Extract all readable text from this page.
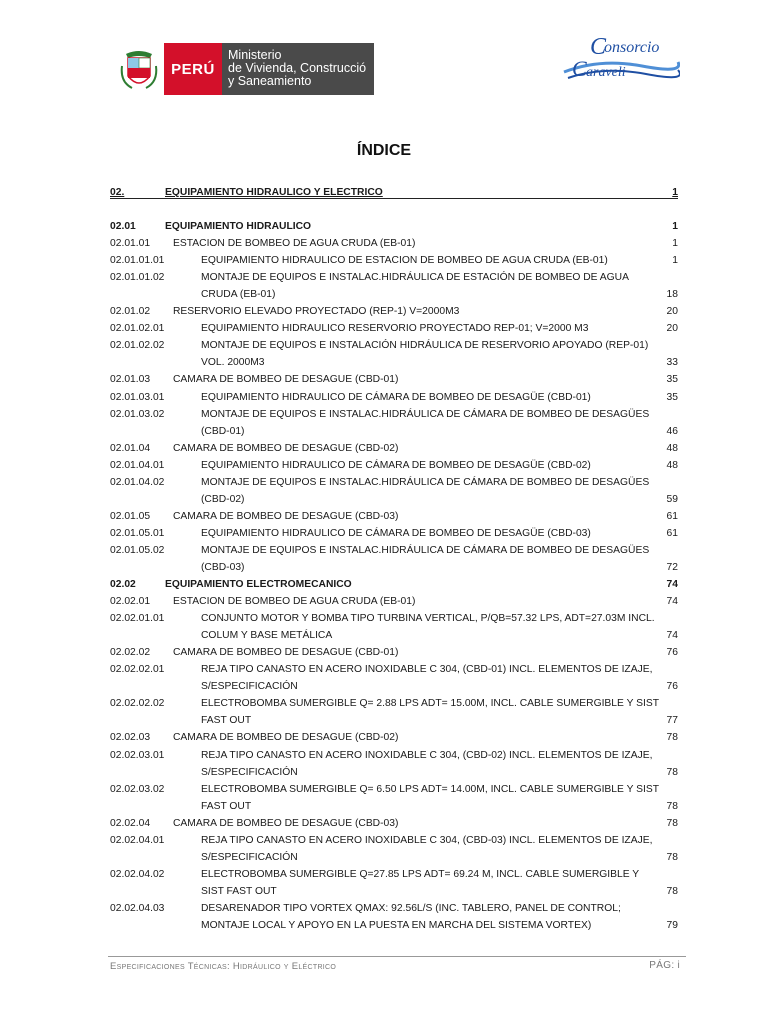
PERÚ
Ministerio
de Vivienda, Construcció
y Saneamiento
onsorcio
C
C araveli
ÍNDICE
02.	EQUIPAMIENTO HIDRAULICO Y ELECTRICO	1
02.01	EQUIPAMIENTO HIDRAULICO	1
02.01.01 ESTACION DE BOMBEO DE AGUA CRUDA (EB-01)	1
02.01.01.01	EQUIPAMIENTO HIDRAULICO DE ESTACION DE BOMBEO DE AGUA CRUDA (EB-01)	1
02.01.01.02	MONTAJE DE EQUIPOS E INSTALAC.HIDRÁULICA DE ESTACIÓN DE BOMBEO DE AGUA CRUDA (EB-01)	18
02.01.02 RESERVORIO ELEVADO PROYECTADO (REP-1) V=2000M3	20
02.01.02.01	EQUIPAMIENTO HIDRAULICO RESERVORIO PROYECTADO REP-01; V=2000 M3	20
02.01.02.02	MONTAJE DE EQUIPOS E INSTALACIÓN HIDRÁULICA DE RESERVORIO APOYADO (REP-01) VOL. 2000M3	33
02.01.03 CAMARA DE BOMBEO DE DESAGUE (CBD-01)	35
02.01.03.01	EQUIPAMIENTO HIDRAULICO DE CÁMARA DE BOMBEO DE DESAGÜE (CBD-01)	35
02.01.03.02	MONTAJE DE EQUIPOS E INSTALAC.HIDRÁULICA DE CÁMARA DE BOMBEO DE DESAGÜES (CBD-01)	46
02.01.04 CAMARA DE BOMBEO DE DESAGUE (CBD-02)	48
02.01.04.01	EQUIPAMIENTO HIDRAULICO DE CÁMARA DE BOMBEO DE DESAGÜE (CBD-02)	48
02.01.04.02	MONTAJE DE EQUIPOS E INSTALAC.HIDRÁULICA DE CÁMARA DE BOMBEO DE DESAGÜES (CBD-02)	59
02.01.05 CAMARA DE BOMBEO DE DESAGUE (CBD-03)	61
02.01.05.01	EQUIPAMIENTO HIDRAULICO DE CÁMARA DE BOMBEO DE DESAGÜE (CBD-03)	61
02.01.05.02	MONTAJE DE EQUIPOS E INSTALAC.HIDRÁULICA DE CÁMARA DE BOMBEO DE DESAGÜES (CBD-03)	72
02.02	EQUIPAMIENTO ELECTROMECANICO	74
02.02.01 ESTACION DE BOMBEO DE AGUA CRUDA (EB-01)	74
02.02.01.01	CONJUNTO MOTOR Y BOMBA TIPO TURBINA VERTICAL, P/QB=57.32 LPS, ADT=27.03M INCL. COLUM Y BASE METÁLICA	74
02.02.02 CAMARA DE BOMBEO DE DESAGUE (CBD-01)	76
02.02.02.01	REJA TIPO CANASTO EN ACERO INOXIDABLE C 304, (CBD-01) INCL. ELEMENTOS DE IZAJE, S/ESPECIFICACIÓN	76
02.02.02.02	ELECTROBOMBA SUMERGIBLE Q= 2.88 LPS ADT= 15.00M, INCL. CABLE SUMERGIBLE Y SIST FAST OUT	77
02.02.03 CAMARA DE BOMBEO DE DESAGUE (CBD-02)	78
02.02.03.01	REJA TIPO CANASTO EN ACERO INOXIDABLE C 304, (CBD-02) INCL. ELEMENTOS DE IZAJE, S/ESPECIFICACIÓN	78
02.02.03.02	ELECTROBOMBA SUMERGIBLE Q= 6.50 LPS ADT= 14.00M, INCL. CABLE SUMERGIBLE Y SIST FAST OUT	78
02.02.04 CAMARA DE BOMBEO DE DESAGUE (CBD-03)	78
02.02.04.01	REJA TIPO CANASTO EN ACERO INOXIDABLE C 304, (CBD-03) INCL. ELEMENTOS DE IZAJE, S/ESPECIFICACIÓN	78
02.02.04.02	ELECTROBOMBA SUMERGIBLE Q=27.85 LPS ADT= 69.24 M, INCL. CABLE SUMERGIBLE Y SIST FAST OUT	78
02.02.04.03	DESARENADOR TIPO VORTEX QMAX: 92.56L/S (INC. TABLERO, PANEL DE CONTROL; MONTAJE LOCAL Y APOYO EN LA PUESTA EN MARCHA DEL SISTEMA VORTEX)	79
Especificaciones Técnicas: Hidráulico y Eléctrico	PÁG: i
